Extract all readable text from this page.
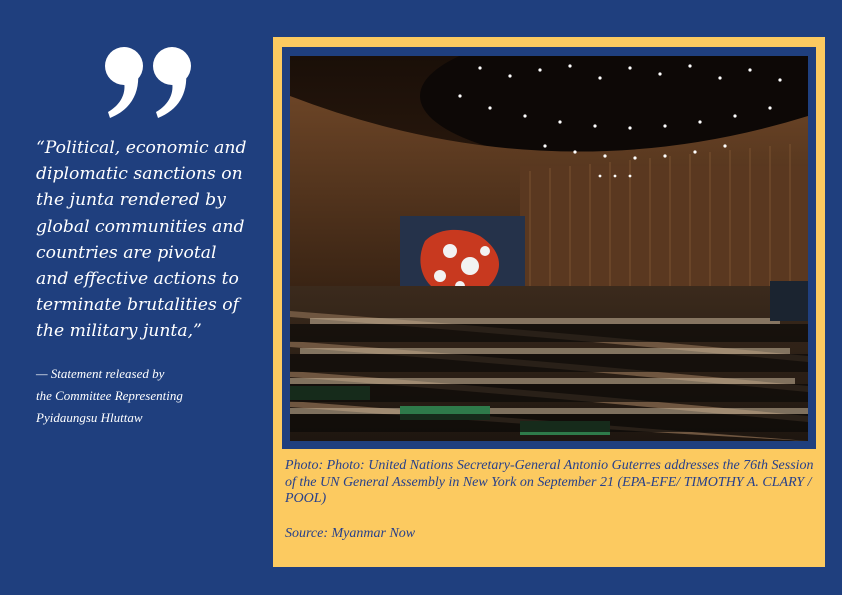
“Political, economic and
diplomatic sanctions on
the junta rendered by
global communities and
countries are pivotal
and effective actions to
terminate brutalities of
the military junta,”
— Statement released by
the Committee Representing
Pyidaungsu Hluttaw
Photo: Photo: United Nations Secretary-General Antonio Guterres addresses the 76th Session of the UN General Assembly in New York on September 21 (EPA-EFE/ TIMOTHY A. CLARY / POOL)
Source: Myanmar Now
